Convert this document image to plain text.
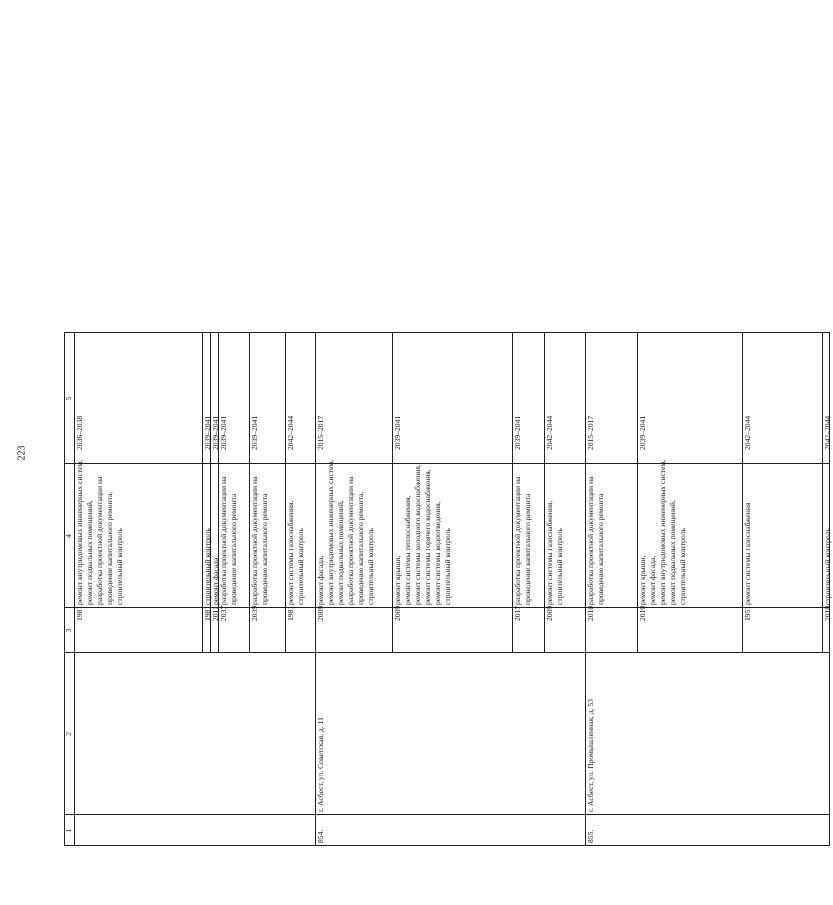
223
1
2
3
4
5
1981
ремонт внутридомовых инженерных систем, ремонт подвальных помещений, разработка проектной документации на проведение капитального ремонта, строительный контроль
2036–2038
1981
строительный контроль
2039–2041
2011
ремонт фасада
2039–2041
2037
разработка проектной документации на проведение капитального ремонта
2039–2041
2039
разработка проектной документации на проведение капитального ремонта
2039–2041
1981
ремонт системы газоснабжения, строительный контроль
2042–2044
854.
г. Асбест, ул. Советская, д. 11
2009
ремонт фасада, ремонт внутридомовых инженерных систем, ремонт подвальных помещений, разработка проектной документации на проведение капитального ремонта, строительный контроль
2015–2017
2009
ремонт крыши, ремонт системы теплоснабжения, ремонт системы холодного водоснабжения, ремонт системы горячего водоснабжения, ремонт системы водоотведения, строительный контроль
2039–2041
2017
разработка проектной документации на проведение капитального ремонта
2039–2041
2009
ремонт системы газоснабжения, строительный контроль
2042–2044
855.
г. Асбест, ул. Промышленная, д. 53
2010
разработка проектной документации на проведение капитального ремонта
2015–2017
2010
ремонт крыши, ремонт фасада, ремонт внутридомовых инженерных систем, ремонт подвальных помещений, строительный контроль
2039–2041
1951
ремонт системы газоснабжения
2042–2044
2010
строительный контроль
2042–2044
